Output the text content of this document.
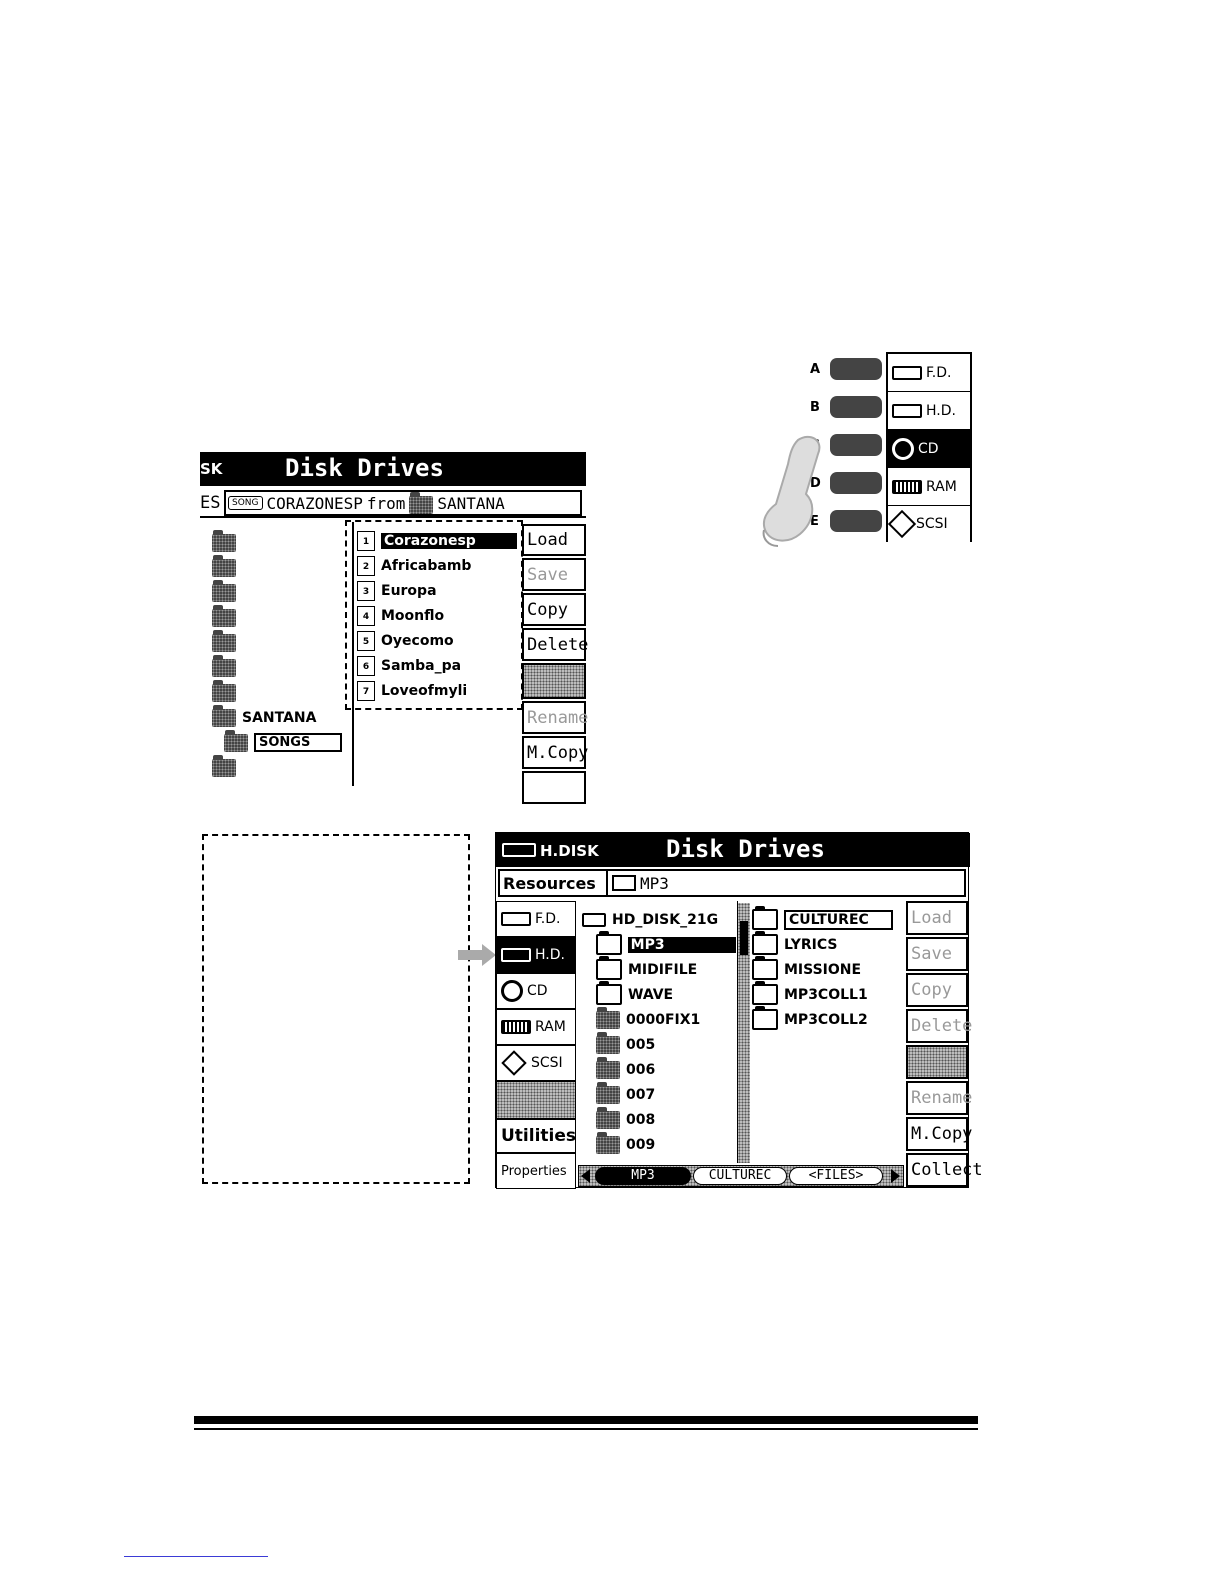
SK	Disk Drives
ES	SONG CORAZONESP from SANTANA
SANTANA
SONGS
1	Corazonesp
2 Africabamb
3 Europa
4 Moonflo
5 Oyecomo
6 Samba_pa
7 Loveofmyli
Load
Save
Copy
Delete
Rename
M.Copy
A
B
D
E
F.D.
H.D.
CD
RAM
SCSI
H.DISK	Disk Drives
Resources	MP3
F.D.
H.D.
CD
RAM
SCSI
Utilities
Properties
HD_DISK_21G
MP3
MIDIFILE
WAVE
0000FIX1
005
006
007
008
009
CULTUREC
LYRICS
MISSIONE
MP3COLL1
MP3COLL2
MP3	CULTUREC	<FILES>
Load
Save
Copy
Delete
Rename
M.Copy
Collect
